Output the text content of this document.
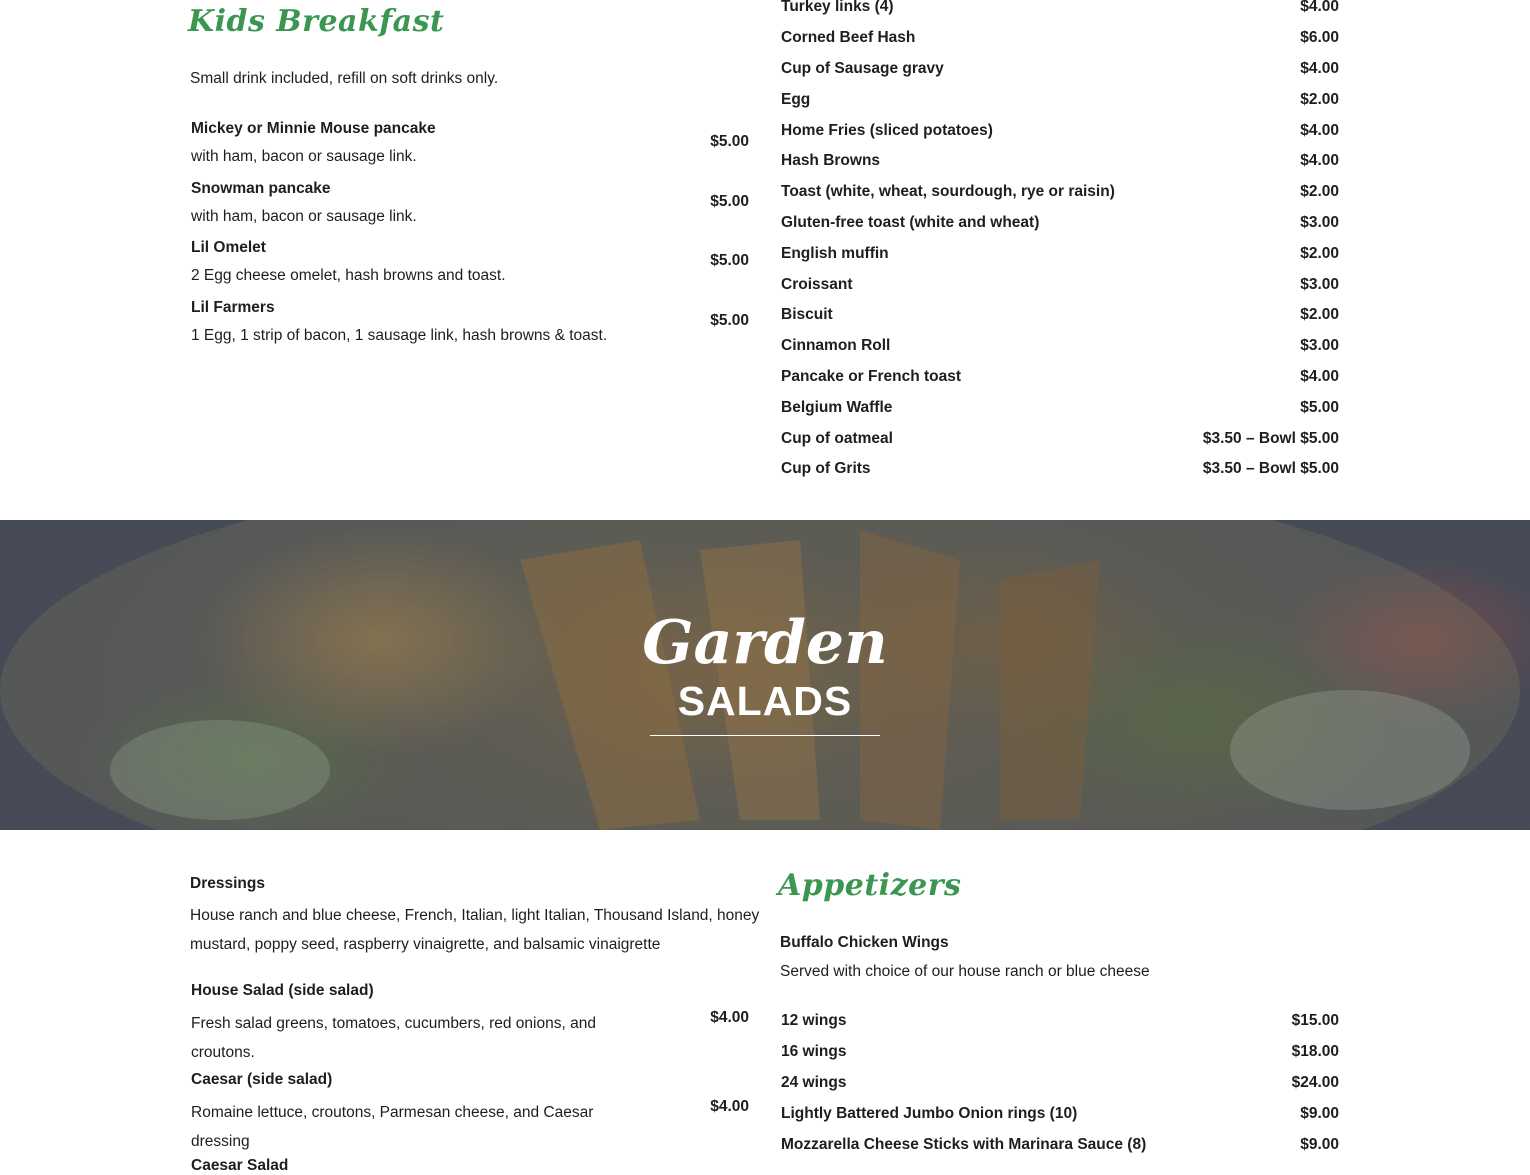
Kids Breakfast
Small drink included, refill on soft drinks only.
Mickey or Minnie Mouse pancake
with ham, bacon or sausage link.
$5.00
Snowman pancake
with ham, bacon or sausage link.
$5.00
Lil Omelet
2 Egg cheese omelet, hash browns and toast.
$5.00
Lil Farmers
1 Egg, 1 strip of bacon, 1 sausage link, hash browns & toast.
$5.00
Turkey links (4)	$4.00
Corned Beef Hash	$6.00
Cup of Sausage gravy	$4.00
Egg	$2.00
Home Fries (sliced potatoes)	$4.00
Hash Browns	$4.00
Toast (white, wheat, sourdough, rye or raisin)	$2.00
Gluten-free toast (white and wheat)	$3.00
English muffin	$2.00
Croissant	$3.00
Biscuit	$2.00
Cinnamon Roll	$3.00
Pancake or French toast	$4.00
Belgium Waffle	$5.00
Cup of oatmeal	$3.50 – Bowl $5.00
Cup of Grits	$3.50 – Bowl $5.00
Garden
SALADS
Dressings
House ranch and blue cheese, French, Italian, light Italian, Thousand Island, honey mustard, poppy seed, raspberry vinaigrette, and balsamic vinaigrette
House Salad (side salad)
Fresh salad greens, tomatoes, cucumbers, red onions, and croutons.
$4.00
Caesar (side salad)
Romaine lettuce, croutons, Parmesan cheese, and Caesar dressing
$4.00
Caesar Salad
Appetizers
Buffalo Chicken Wings
Served with choice of our house ranch or blue cheese
12 wings	$15.00
16 wings	$18.00
24 wings	$24.00
Lightly Battered Jumbo Onion rings (10)	$9.00
Mozzarella Cheese Sticks with Marinara Sauce (8)	$9.00
